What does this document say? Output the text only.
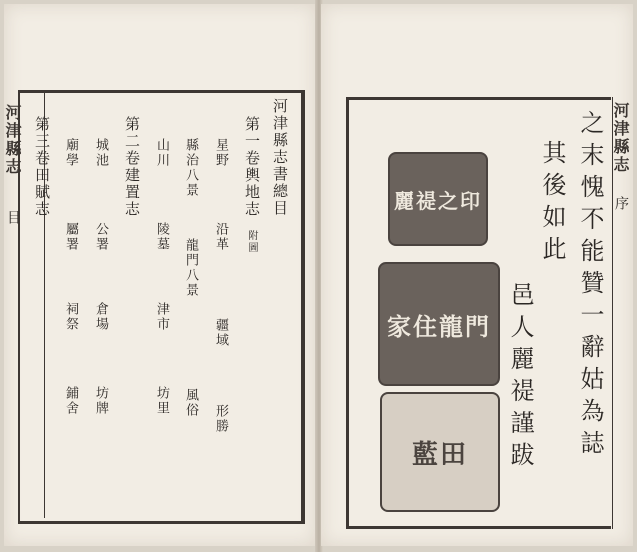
河津縣志
目
河津縣志書總目
第一卷輿地志
附圖
星野
沿革
疆域
形勝
縣治八景
龍門八景
風俗
山川
陵墓
津市
坊里
第二卷建置志
城池
公署
倉場
坊牌
廟學
屬署
祠祭
鋪舍
第三卷田賦志	河津縣志
序
麗禔之印
家住龍門
藍田	之末愧不能贊一辭姑為誌
其後如此
邑人麗禔謹跋
